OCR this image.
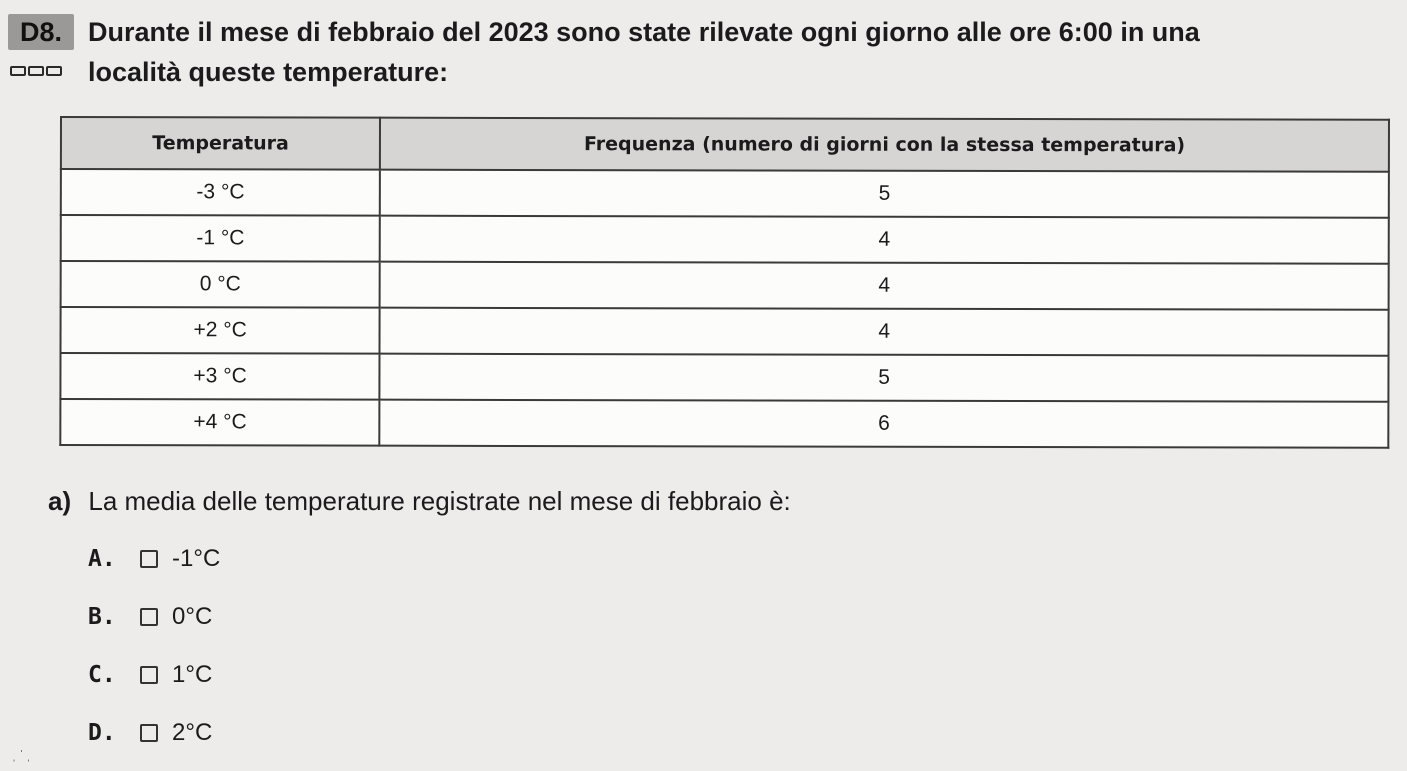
D8. Durante il mese di febbraio del 2023 sono state rilevate ogni giorno alle ore 6:00 in una
località queste temperature:
Temperatura	Frequenza (numero di giorni con la stessa temperatura)
-3 °C	5
-1 °C	4
0 °C	4
+2 °C	4
+3 °C	5
+4 °C	6
a) La media delle temperature registrate nel mese di febbraio è:
A.	-1°C
B.	0°C
C.	1°C
D.	2°C
ˌ ˈ ˌ
